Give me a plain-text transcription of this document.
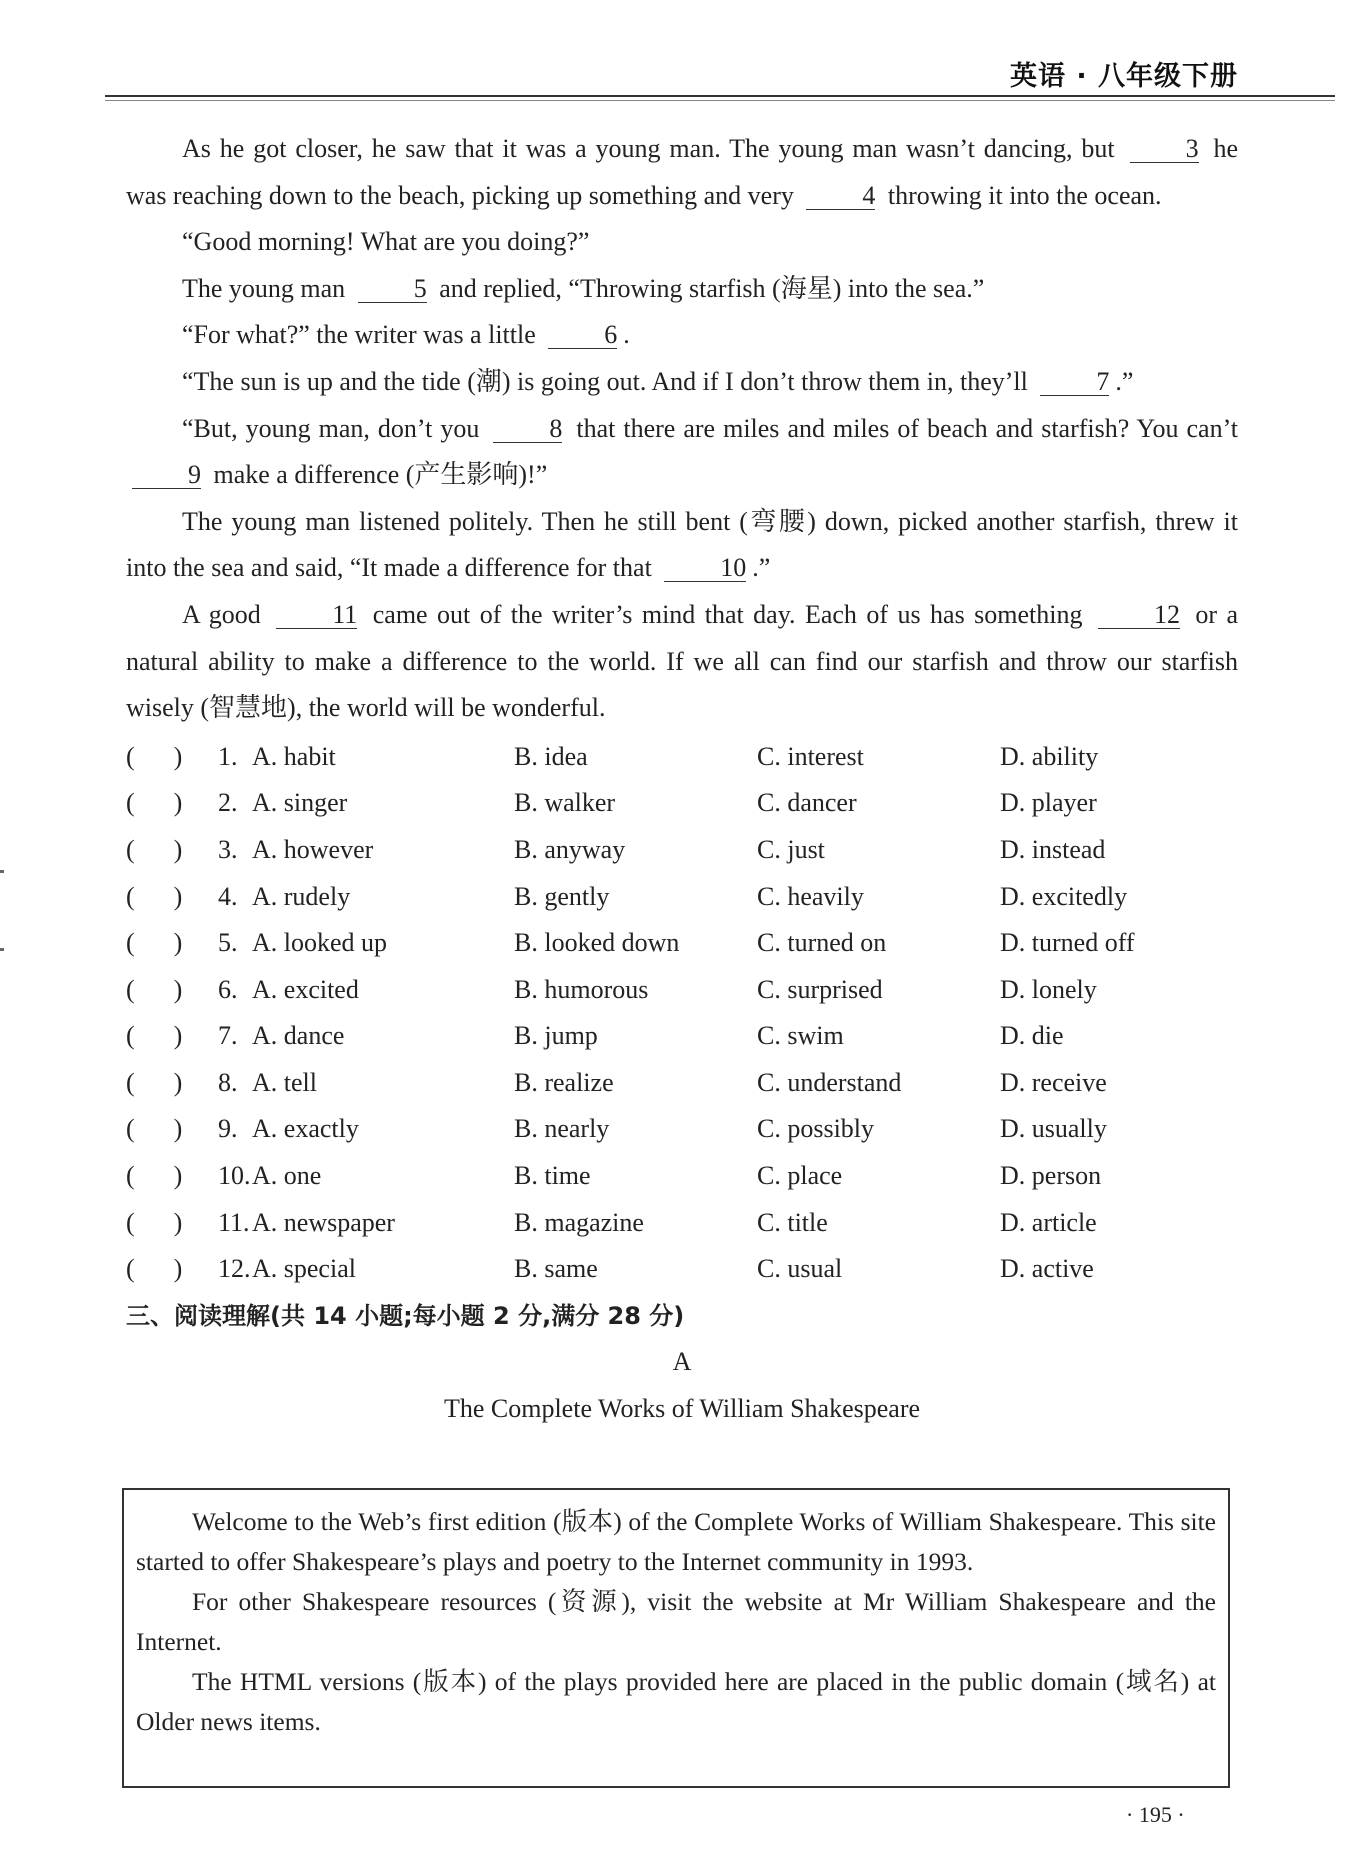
英语 · 八年级下册

As he got closer, he saw that it was a young man. The young man wasn’t dancing, but	3 he was reaching down to the beach, picking up something and very	4 throwing it into the ocean.

“Good morning! What are you doing?”

The young man	5 and replied, “Throwing starfish (海星) into the sea.”

“For what?” the writer was a little	6 .

“The sun is up and the tide (潮) is going out. And if I don’t throw them in, they’ll	7 .”

“But, young man, don’t you	8 that there are miles and miles of beach and starfish? You can’t 9 make a difference (产生影响)!”

The young man listened politely. Then he still bent (弯腰) down, picked another starfish, threw it into the sea and said, “It made a difference for that	10 .”

A good	11 came out of the writer’s mind that day. Each of us has something	12 or a natural ability to make a difference to the world. If we all can find our starfish and throw our starfish wisely (智慧地), the world will be wonderful.

(      )	1. A. habit	B. idea	C. interest	D. ability
(      )	2. A. singer	B. walker	C. dancer	D. player
(      )	3. A. however	B. anyway	C. just	D. instead
(      )	4. A. rudely	B. gently	C. heavily	D. excitedly
(      )	5. A. looked up	B. looked down	C. turned on	D. turned off
(      )	6. A. excited	B. humorous	C. surprised	D. lonely
(      )	7. A. dance	B. jump	C. swim	D. die
(      )	8. A. tell	B. realize	C. understand	D. receive
(      )	9. A. exactly	B. nearly	C. possibly	D. usually
(      )	10. A. one	B. time	C. place	D. person
(      )	11. A. newspaper	B. magazine	C. title	D. article
(      )	12. A. special	B. same	C. usual	D. active

三、阅读理解(共 14 小题;每小题 2 分,满分 28 分)

A

The Complete Works of William Shakespeare

Welcome to the Web’s first edition (版本) of the Complete Works of William Shakespeare. This site started to offer Shakespeare’s plays and poetry to the Internet community in 1993.

For other Shakespeare resources (资源), visit the website at Mr William Shakespeare and the Internet.

The HTML versions (版本) of the plays provided here are placed in the public domain (域名) at Older news items.

· 195 ·
